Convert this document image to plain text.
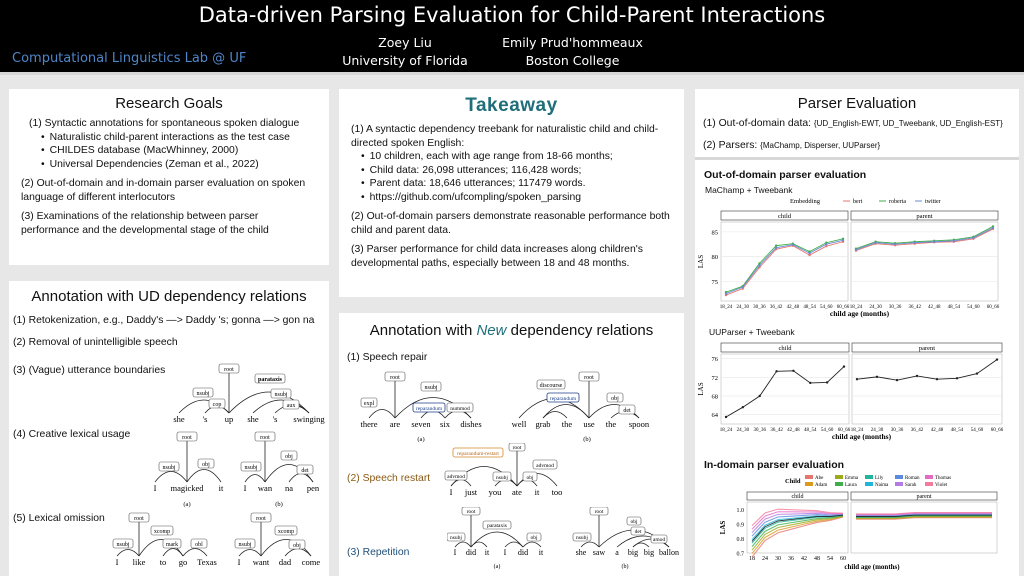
Data-driven Parsing Evaluation for Child-Parent Interactions
Computational Linguistics Lab @ UF
Zoey Liu
University of Florida
Emily Prud'hommeaux
Boston College
Research Goals
(1) Syntactic annotations for spontaneous spoken dialogue
• Naturalistic child-parent interactions as the test case
• CHILDES database (MacWhinney, 2000)
• Universal Dependencies (Zeman et al., 2022)

(2) Out-of-domain and in-domain parser evaluation on spoken language of different interlocutors

(3) Examinations of the relationship between parser performance and the developmental stage of the child

Annotation with UD dependency relations
(1) Retokenization, e.g., Daddy's —> Daddy 's; gonna —> gon na
(2) Removal of unintelligible speech
(3) (Vague) utterance boundaries
(4) Creative lexical usage
(5) Lexical omission
she 's up she 's swinging
root
nsubj
cop
parataxis
nsubj
aux
I magicked it
root
nsubj	obj
(a)
I wan na pen
root
nsubj
obj
det
(b)
I like to go Texas
root
nsubj
xcomp
mark	obl
I want dad come
root
nsubj
xcomp
obj
Takeaway
(1) A syntactic dependency treebank for naturalistic child and child-directed spoken English:
• 10 children, each with age range from 18-66 months;
• Child data: 26,098 utterances; 116,428 words;
• Parent data: 18,646 utterances; 117479 words.
• https://github.com/ufcompling/spoken_parsing

(2) Out-of-domain parsers demonstrate reasonable performance both child and parent data.

(3) Parser performance for child data increases along children's developmental paths, especially between 18 and 48 months.

Annotation with New dependency relations
(1) Speech repair
(2) Speech restart
(3) Repetition
there are seven six dishes
root
expl
nsubj
reparandum nummod
(a)
well grab the use the spoon
discourse
root
reparandum	obj
det
(b)
I just you ate it too
reparandum-restart
root
advmod	nsubj	obj
advmod
I did it I did it
root
nsubj
parataxis
obj
(a)
she saw a big big ballon
root
nsubj
obj
det
amod
(b)
Parser Evaluation
(1) Out-of-domain data: {UD_English-EWT, UD_Tweebank, UD_English-EST}
(2) Parsers: {MaChamp, Disperser, UUParser}
Out-of-domain parser evaluation
MaChamp + Tweebank
Embedding	bert	roberta	twitter
LAS
75
80
85
child
18_24 24_30 30_36 36_42 42_48 48_54 54_60 60_66
parent
18_24 24_30 30_36 36_42 42_48 48_54 54_60 60_66
child age (months)
UUParser + Tweebank
LAS
64
68
72
76
child
18_24 24_30 30_36 36_42 42_48 48_54 54_60 60_66
parent
18_24 24_30 30_36 36_42 42_48 48_54 54_60 60_66
child age (months)
In-domain parser evaluation
Child	Abe
Adam
Emma
Laura
Lily
Naima
Roman
Sarah
Thomas
Violet
LAS
0.7
0.8
0.9
1.0
child
18 24 30 36 42 48 54 60
parent
child age (months)
